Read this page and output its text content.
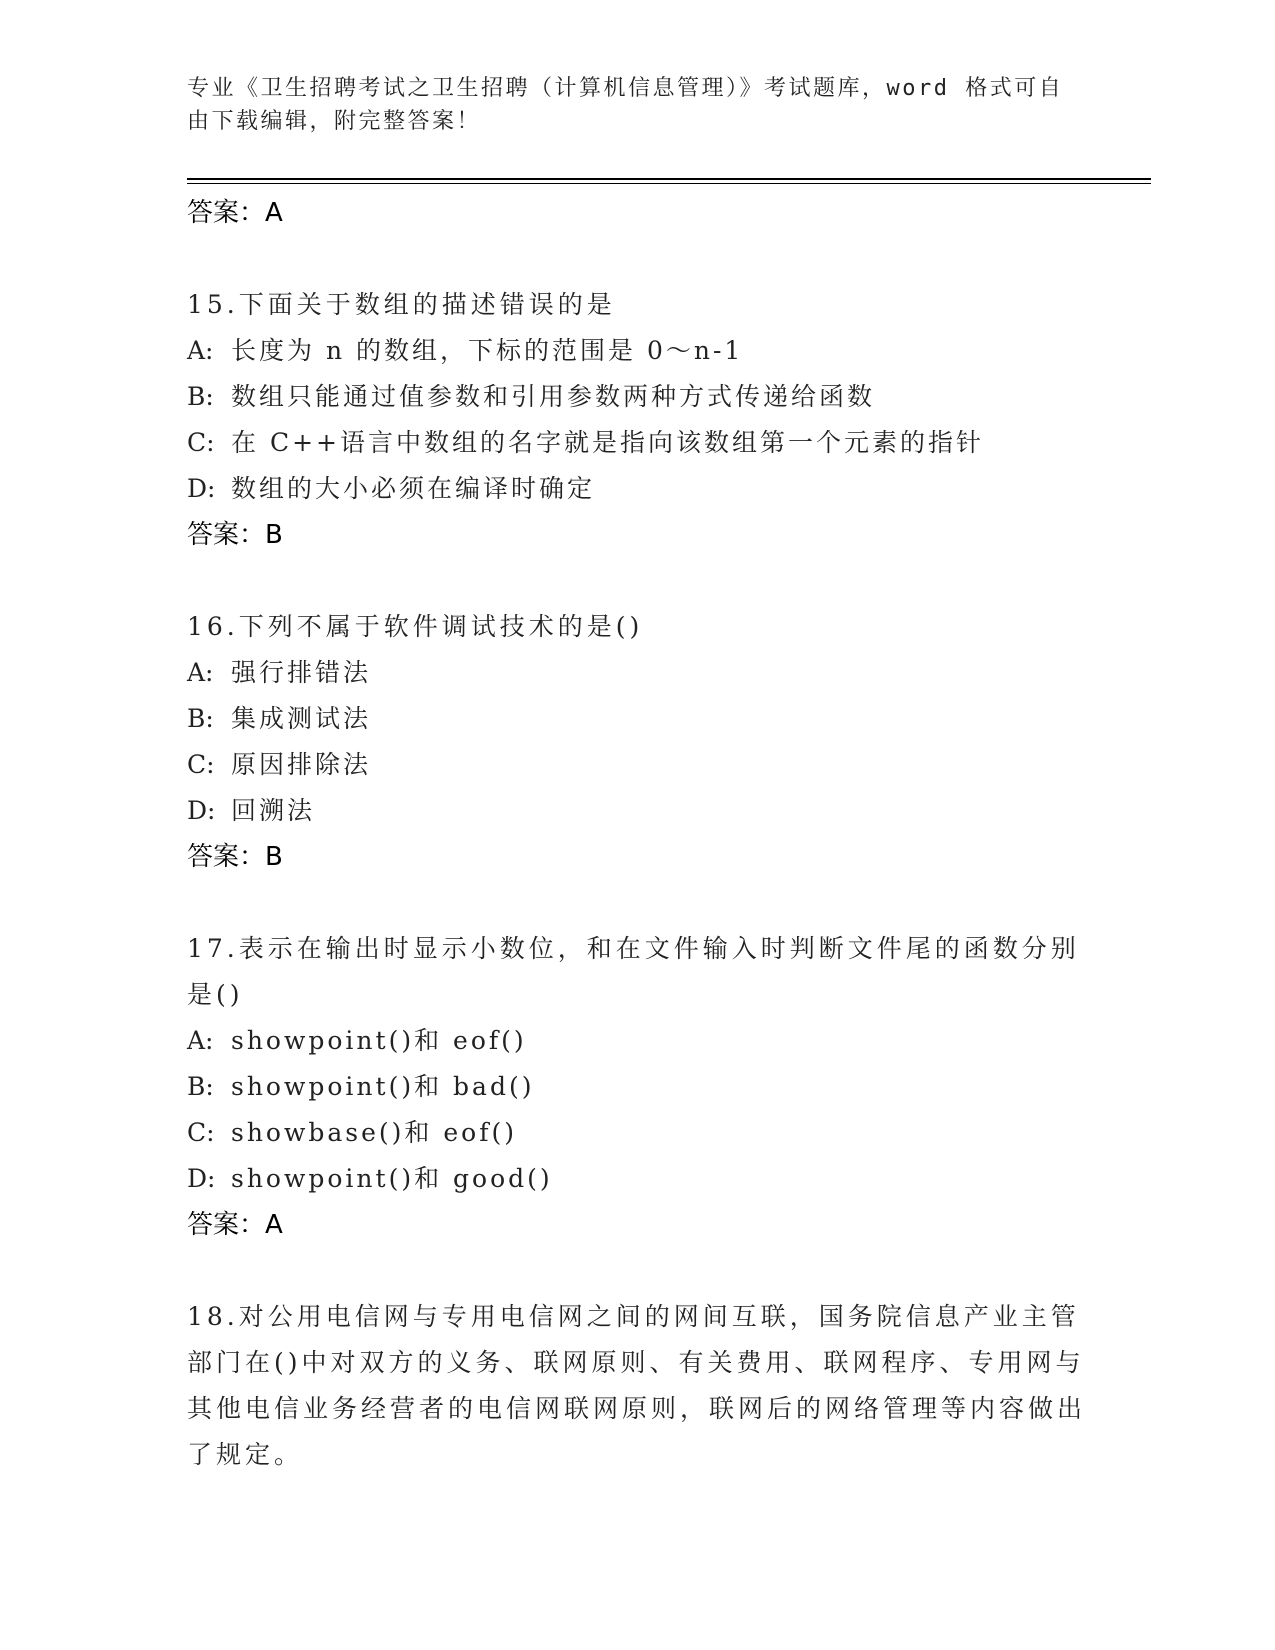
专业《卫生招聘考试之卫生招聘（计算机信息管理）》考试题库，word 格式可自由下载编辑，附完整答案！
答案：A
15.下面关于数组的描述错误的是
A: 长度为 n 的数组，下标的范围是 0～n-1
B: 数组只能通过值参数和引用参数两种方式传递给函数
C: 在 C++语言中数组的名字就是指向该数组第一个元素的指针
D: 数组的大小必须在编译时确定
答案：B
16.下列不属于软件调试技术的是()
A: 强行排错法
B: 集成测试法
C: 原因排除法
D: 回溯法
答案：B
17.表示在输出时显示小数位，和在文件输入时判断文件尾的函数分别是()
A: showpoint()和 eof()
B: showpoint()和 bad()
C: showbase()和 eof()
D: showpoint()和 good()
答案：A
18.对公用电信网与专用电信网之间的网间互联，国务院信息产业主管部门在()中对双方的义务、联网原则、有关费用、联网程序、专用网与其他电信业务经营者的电信网联网原则，联网后的网络管理等内容做出了规定。
